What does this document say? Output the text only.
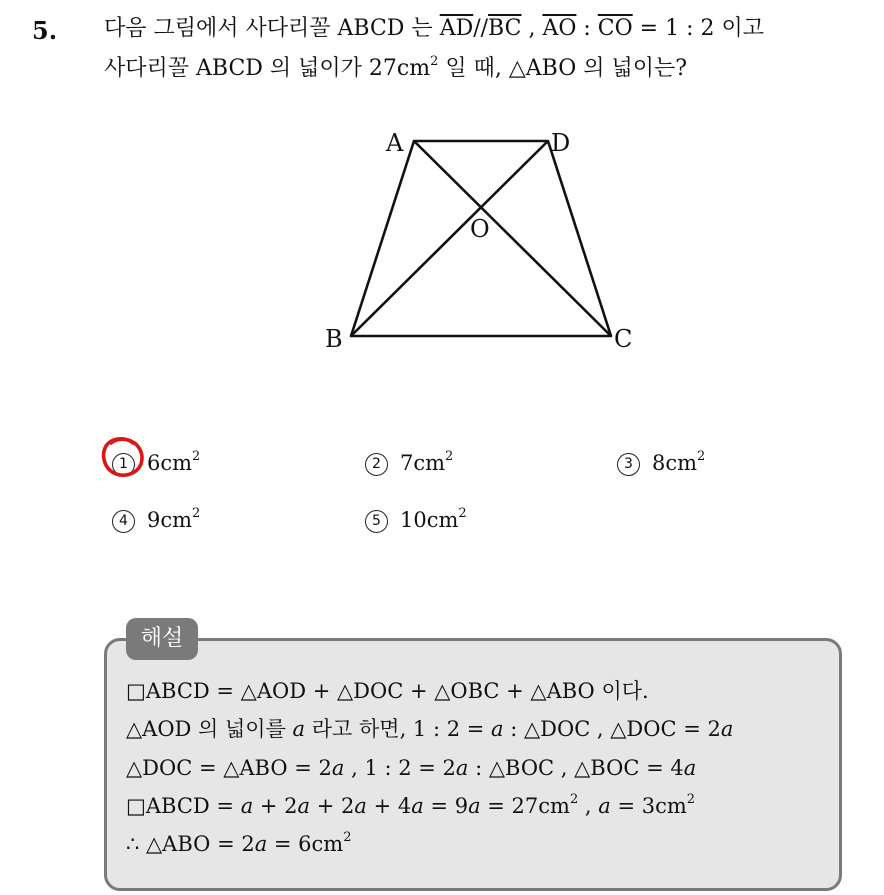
5. 다음 그림에서 사다리꼴 ABCD 는 $\overline{AD}//\overline{BC}$ , $\overline{AO}$ : $\overline{CO} = 1$ : 2 이고
사다리꼴 ABCD 의 넓이가 $27cm^2$ 일 때, △ABO 의 넓이는?
A	D
O
B	C
1 $6cm^2$	2 $7cm^2$	3 $8cm^2$
4 $9cm^2$	5 $10cm^2$
해설
□ABCD = △AOD + △DOC + △OBC + △ABO 이다.
△AOD 의 넓이를 a 라고 하면, 1 : 2 = a : △DOC , △DOC = 2a
△DOC = △ABO = 2a , 1 : 2 = 2a : △BOC , △BOC = 4a
□ABCD = $a + 2a + 2a + 4a = 9a = 27cm^2$ , $a = 3cm^2$
∴ △ABO = $2a = 6cm^2$
